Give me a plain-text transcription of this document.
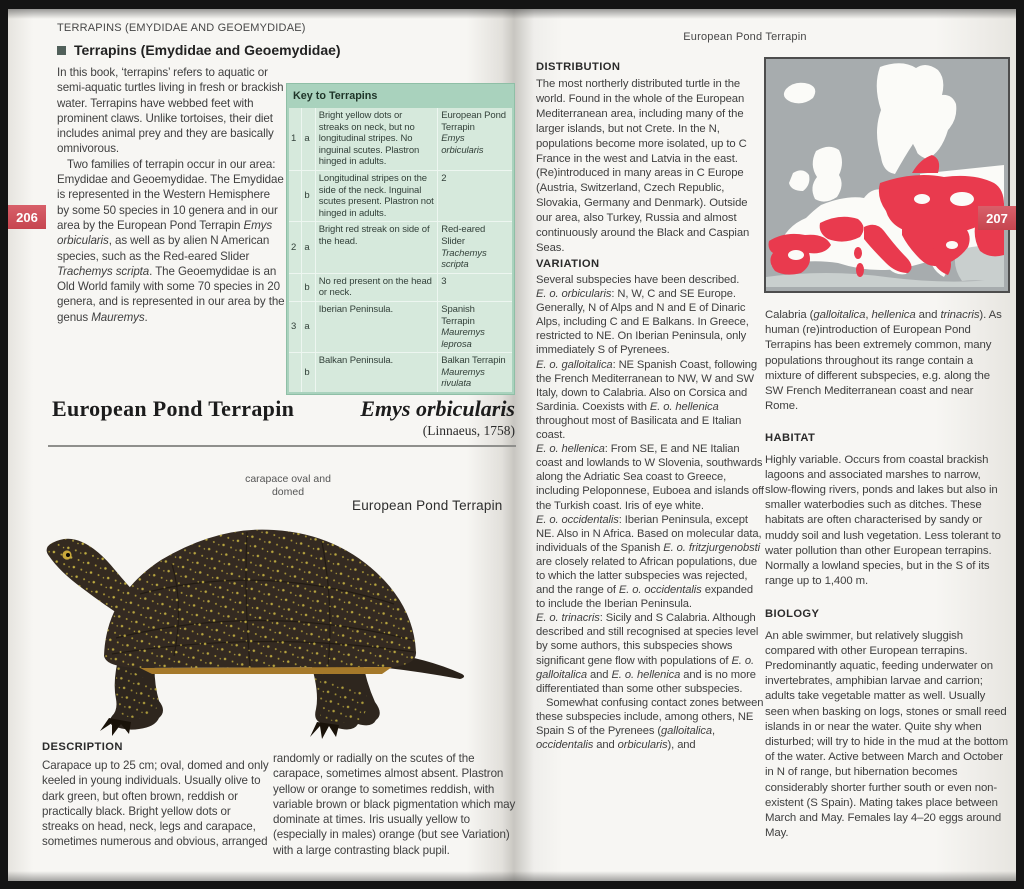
TERRAPINS (EMYDIDAE AND GEOEMYDIDAE)
Terrapins (Emydidae and Geoemydidae)

In this book, ‘terrapins’ refers to aquatic or semi-aquatic turtles living in fresh or brackish water. Terrapins have webbed feet with prominent claws. Unlike tortoises, their diet includes animal prey and they are basically omnivorous.

Two families of terrapin occur in our area: Emydidae and Geoemydidae. The Emydidae is represented in the Western Hemisphere by some 50 species in 10 genera and in our area by the European Pond Terrapin Emys orbicularis, as well as by alien N American species, such as the Red-eared Slider Trachemys scripta. The Geoemydidae is an Old World family with some 70 species in 20 genera, and is represented in our area by the genus Mauremys.

Key to Terrapins			
1	a	Bright yellow dots or streaks on neck, but no longitudinal stripes. No inguinal scutes. Plastron hinged in adults.	European Pond Terrapin
Emys orbicularis

	b	Longitudinal stripes on the side of the neck. Inguinal scutes present. Plastron not hinged in adults.	2

2	a	Bright red streak on side of the head.	Red-eared Slider
Trachemys scripta

	b	No red present on the head or neck.	3

3	a	Iberian Peninsula.	Spanish Terrapin
Mauremys leprosa

	b	Balkan Peninsula.	Balkan Terrapin
Mauremys rivulata
European Pond Terrapin	Emys orbicularis
(Linnaeus, 1758)
carapace oval and domed
European Pond Terrapin
DESCRIPTION
Carapace up to 25 cm; oval, domed and only keeled in young individuals. Usually olive to dark green, but often brown, reddish or practically black. Bright yellow dots or streaks on head, neck, legs and carapace, sometimes numerous and obvious, arranged
randomly or radially on the scutes of the carapace, sometimes almost absent. Plastron yellow or orange to sometimes reddish, with variable brown or black pigmentation which may dominate at times. Iris usually yellow to (especially in males) orange (but see Variation) with a large contrasting black pupil.
206
European Pond Terrapin
DISTRIBUTION
The most northerly distributed turtle in the world. Found in the whole of the European Mediterranean area, including many of the larger islands, but not Crete. In the N, populations become more isolated, up to C France in the west and Latvia in the east. (Re)introduced in many areas in C Europe (Austria, Switzerland, Czech Republic, Slovakia, Germany and Denmark). Outside our area, also Turkey, Russia and almost continuously around the Black and Caspian Seas.
VARIATION

Several subspecies have been described.

E. o. orbicularis: N, W, C and SE Europe. Generally, N of Alps and N and E of Dinaric Alps, including C and E Balkans. In Greece, restricted to NE. On Iberian Peninsula, only immediately S of Pyrenees.

E. o. galloitalica: NE Spanish Coast, following the French Mediterranean to NW, W and SW Italy, down to Calabria. Also on Corsica and Sardinia. Coexists with E. o. hellenica throughout most of Basilicata and E Italian coast.

E. o. hellenica: From SE, E and NE Italian coast and lowlands to W Slovenia, southwards along the Adriatic Sea coast to Greece, including Peloponnese, Euboea and islands off the Turkish coast. Iris of eye white.

E. o. occidentalis: Iberian Peninsula, except NE. Also in N Africa. Based on molecular data, individuals of the Spanish E. o. fritzjurgenobsti are closely related to African populations, due to which the latter subspecies was rejected, and the range of E. o. occidentalis expanded to include the Iberian Peninsula.

E. o. trinacris: Sicily and S Calabria. Although described and still recognised at species level by some authors, this subspecies shows significant gene flow with populations of E. o. galloitalica and E. o. hellenica and is no more differentiated than some other subspecies.

Somewhat confusing contact zones between these subspecies include, among others, NE Spain S of the Pyrenees (galloitalica, occidentalis and orbicularis), and

Calabria (galloitalica, hellenica and trinacris). As human (re)introduction of European Pond Terrapins has been extremely common, many populations throughout its range contain a mixture of different subspecies, e.g. along the SW French Mediterranean coast and near Rome.

HABITAT

Highly variable. Occurs from coastal brackish lagoons and associated marshes to narrow, slow-flowing rivers, ponds and lakes but also in smaller waterbodies such as ditches. These habitats are often characterised by sandy or muddy soil and lush vegetation. Less tolerant to water pollution than other European terrapins. Normally a lowland species, but in the S of its range up to 1,400 m.

BIOLOGY

An able swimmer, but relatively sluggish compared with other European terrapins. Predominantly aquatic, feeding underwater on invertebrates, amphibian larvae and carrion; adults take vegetable matter as well. Usually seen when basking on logs, stones or small reed islands in or near the water. Quite shy when disturbed; will try to hide in the mud at the bottom of the water. Active between March and October in N of range, but hibernation becomes considerably shorter further south or even non-existent (S Spain). Mating takes place between March and May. Females lay 4–20 eggs around May.

207
